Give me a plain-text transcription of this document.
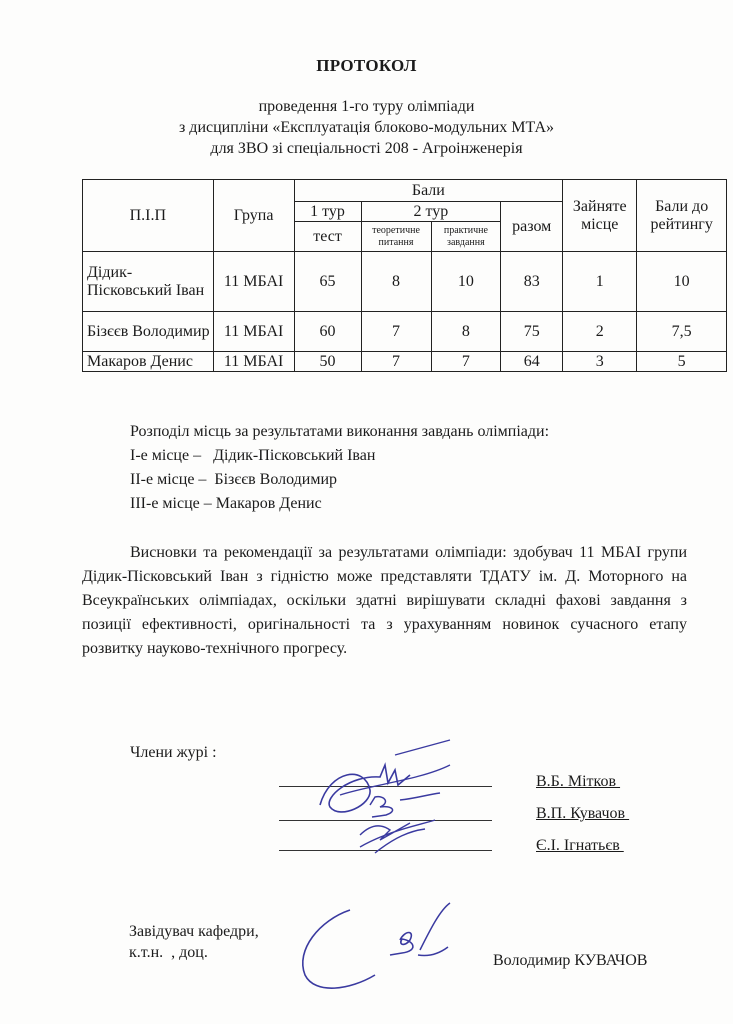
ПРОТОКОЛ
проведення 1-го туру олімпіади
з дисципліни «Експлуатація блоково-модульних МТА»
для ЗВО зі спеціальності 208 - Агроінженерія
П.І.П	Група	Бали				Зайняте місце	Бали до рейтингу
		1 тур	2 тур		разом		
		тест	теоретичне питання	практичне завдання			
Дідик-Пісковський Іван	11 МБАІ	65	8	10	83	1	10
Бізєєв Володимир	11 МБАІ	60	7	8	75	2	7,5
Макаров Денис	11 МБАІ	50	7	7	64	3	5
Розподіл місць за результатами виконання завдань олімпіади:
І-е місце –   Дідик-Пісковський Іван
ІІ-е місце –  Бізєєв Володимир
ІІІ-е місце – Макаров Денис
Висновки та рекомендації за результатами олімпіади: здобувач 11 МБАІ групи Дідик-Пісковський Іван з гідністю може представляти ТДАТУ ім. Д. Моторного на Всеукраїнських олімпіадах, оскільки здатні вирішувати складні фахові завдання з позиції ефективності, оригінальності та з урахуванням новинок сучасного етапу розвитку науково-технічного прогресу.
Члени журі :
В.Б. Мітков
В.П. Кувачов
Є.І. Ігнатьєв
Завідувач кафедри,
к.т.н.  , доц.	Володимир КУВАЧОВ
